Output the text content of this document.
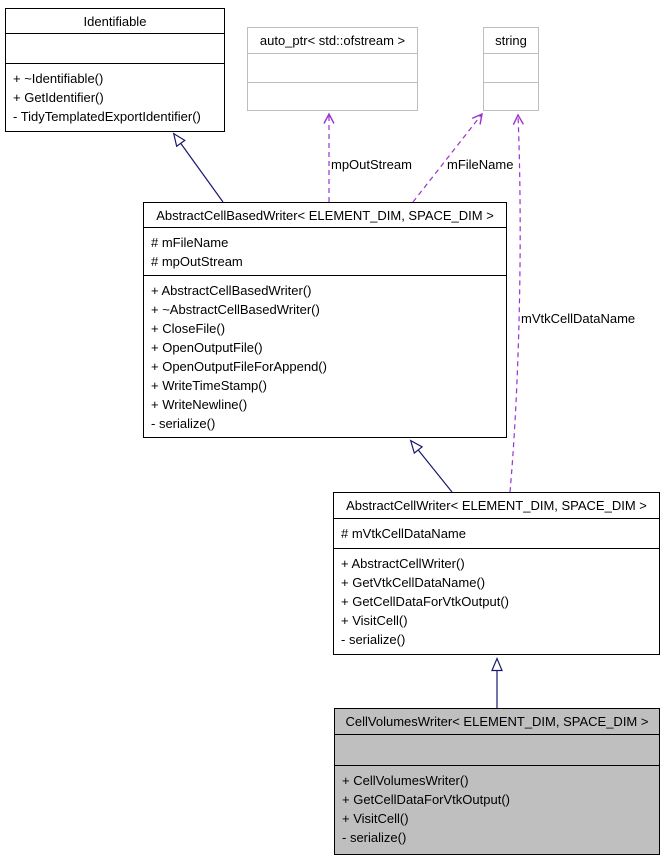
Identifiable
+ ~Identifiable()
+ GetIdentifier()
- TidyTemplatedExportIdentifier()
auto_ptr< std::ofstream >	string
AbstractCellBasedWriter< ELEMENT_DIM, SPACE_DIM >
# mFileName
# mpOutStream
+ AbstractCellBasedWriter()
+ ~AbstractCellBasedWriter()
+ CloseFile()
+ OpenOutputFile()
+ OpenOutputFileForAppend()
+ WriteTimeStamp()
+ WriteNewline()
- serialize()
AbstractCellWriter< ELEMENT_DIM, SPACE_DIM >
# mVtkCellDataName
+ AbstractCellWriter()
+ GetVtkCellDataName()
+ GetCellDataForVtkOutput()
+ VisitCell()
- serialize()
CellVolumesWriter< ELEMENT_DIM, SPACE_DIM >
+ CellVolumesWriter()
+ GetCellDataForVtkOutput()
+ VisitCell()
- serialize()
mpOutStream	mFileName
mVtkCellDataName
